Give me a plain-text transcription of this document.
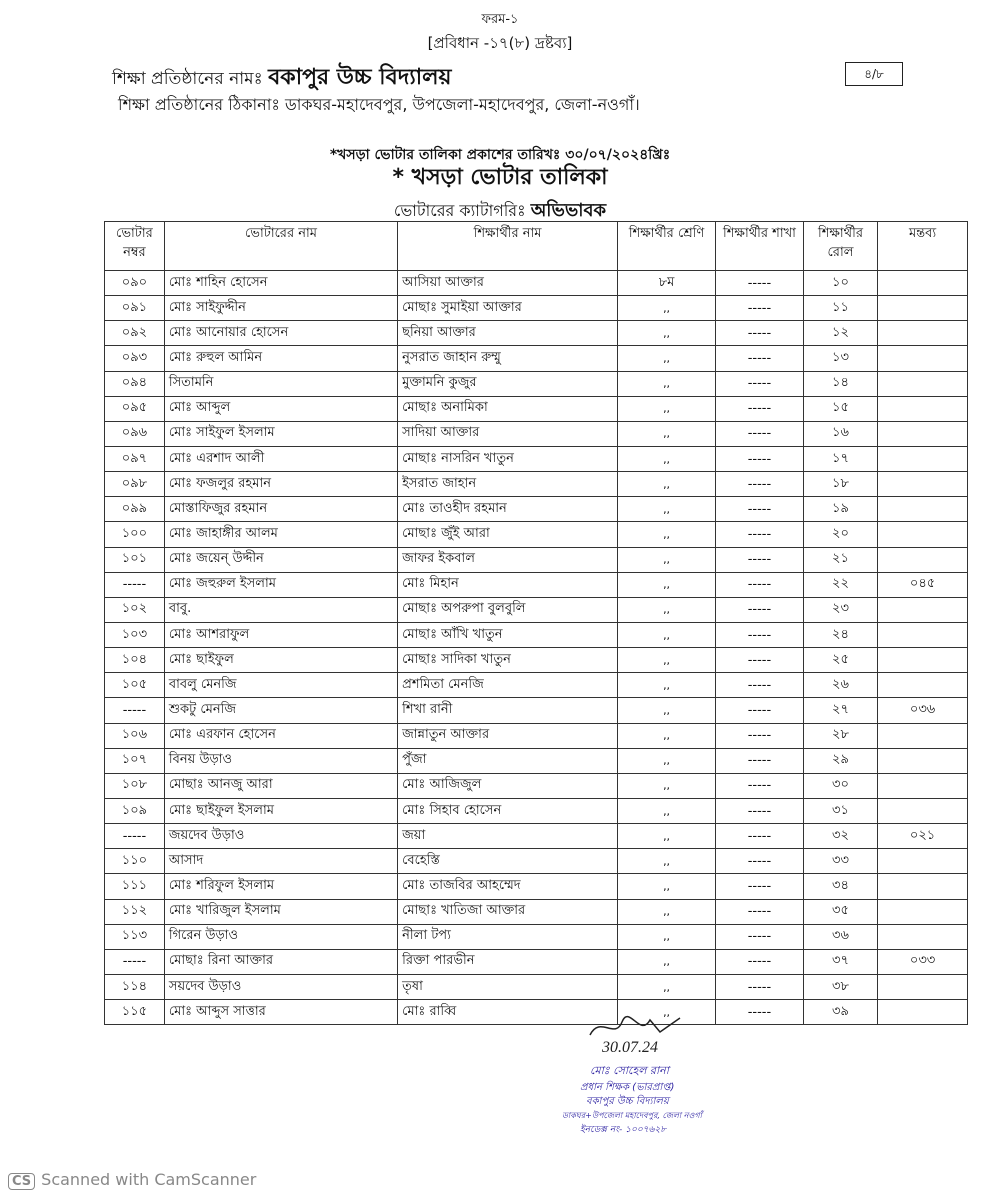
ফরম-১
[প্রবিধান -১৭(৮) দ্রষ্টব্য]
শিক্ষা প্রতিষ্ঠানের নামঃ বকাপুর উচ্চ বিদ্যালয়	৪/৮
শিক্ষা প্রতিষ্ঠানের ঠিকানাঃ ডাকঘর-মহাদেবপুর, উপজেলা-মহাদেবপুর, জেলা-নওগাঁ।
*খসড়া ভোটার তালিকা প্রকাশের তারিখঃ ৩০/০৭/২০২৪খ্রিঃ
* খসড়া ভোটার তালিকা
ভোটারের ক্যাটাগরিঃ অভিভাবক
ভোটার নম্বর	ভোটারের নাম	শিক্ষার্থীর নাম	শিক্ষার্থীর শ্রেণি	শিক্ষার্থীর শাখা	শিক্ষার্থীর রোল	মন্তব্য
০৯০	মোঃ শাহিন হোসেন	আসিয়া আক্তার	৮ম	-----	১০	
০৯১	মোঃ সাইফুদ্দীন	মোছাঃ সুমাইয়া আক্তার	,,	-----	১১	
০৯২	মোঃ আনোয়ার হোসেন	ছনিয়া আক্তার	,,	-----	১২	
০৯৩	মোঃ রুহুল আমিন	নুসরাত জাহান রুম্মু	,,	-----	১৩	
০৯৪	সিতামনি	মুক্তামনি কুজুর	,,	-----	১৪	
০৯৫	মোঃ আব্দুল	মোছাঃ অনামিকা	,,	-----	১৫	
০৯৬	মোঃ সাইফুল ইসলাম	সাদিয়া আক্তার	,,	-----	১৬	
০৯৭	মোঃ এরশাদ আলী	মোছাঃ নাসরিন খাতুন	,,	-----	১৭	
০৯৮	মোঃ ফজলুর রহমান	ইসরাত জাহান	,,	-----	১৮	
০৯৯	মোস্তাফিজুর রহমান	মোঃ তাওহীদ রহমান	,,	-----	১৯	
১০০	মোঃ জাহাঙ্গীর আলম	মোছাঃ জুঁই আরা	,,	-----	২০	
১০১	মোঃ জয়েন্ উদ্দীন	জাফর ইকবাল	,,	-----	২১	
-----	মোঃ জহুরুল ইসলাম	মোঃ মিহান	,,	-----	২২	০৪৫
১০২	বাবু.	মোছাঃ অপরুপা বুলবুলি	,,	-----	২৩	
১০৩	মোঃ আশরাফুল	মোছাঃ আঁখি খাতুন	,,	-----	২৪	
১০৪	মোঃ ছাইফুল	মোছাঃ সাদিকা খাতুন	,,	-----	২৫	
১০৫	বাবলু মেনজি	প্রশমিতা মেনজি	,,	-----	২৬	
-----	শুকটু মেনজি	শিখা রানী	,,	-----	২৭	০৩৬
১০৬	মোঃ এরফান হোসেন	জান্নাতুন আক্তার	,,	-----	২৮	
১০৭	বিনয় উড়াও	পুঁজা	,,	-----	২৯	
১০৮	মোছাঃ আনজু আরা	মোঃ আজিজুল	,,	-----	৩০	
১০৯	মোঃ ছাইফুল ইসলাম	মোঃ সিহাব হোসেন	,,	-----	৩১	
-----	জয়দেব উড়াও	জয়া	,,	-----	৩২	০২১
১১০	আসাদ	বেহেস্তি	,,	-----	৩৩	
১১১	মোঃ শরিফুল ইসলাম	মোঃ তাজবির আহম্মেদ	,,	-----	৩৪	
১১২	মোঃ খারিজুল ইসলাম	মোছাঃ খাতিজা আক্তার	,,	-----	৩৫	
১১৩	গিরেন উড়াও	নীলা টপ্য	,,	-----	৩৬	
-----	মোছাঃ রিনা আক্তার	রিক্তা পারভীন	,,	-----	৩৭	০৩৩
১১৪	সয়দেব উড়াও	তৃষা	,,	-----	৩৮	
১১৫	মোঃ আব্দুস সাত্তার	মোঃ রাব্বি	,,	-----	৩৯	
30.07.24
মোঃ সোহেল রানা
প্রধান শিক্ষক (ভারপ্রাপ্ত)
বকাপুর উচ্চ বিদ্যালয়
ডাকঘর+উপজেলা মহাদেবপুর, জেলা নওগাঁ
ইনডেক্স নং- ১০০৭৬২৮
CS Scanned with CamScanner
